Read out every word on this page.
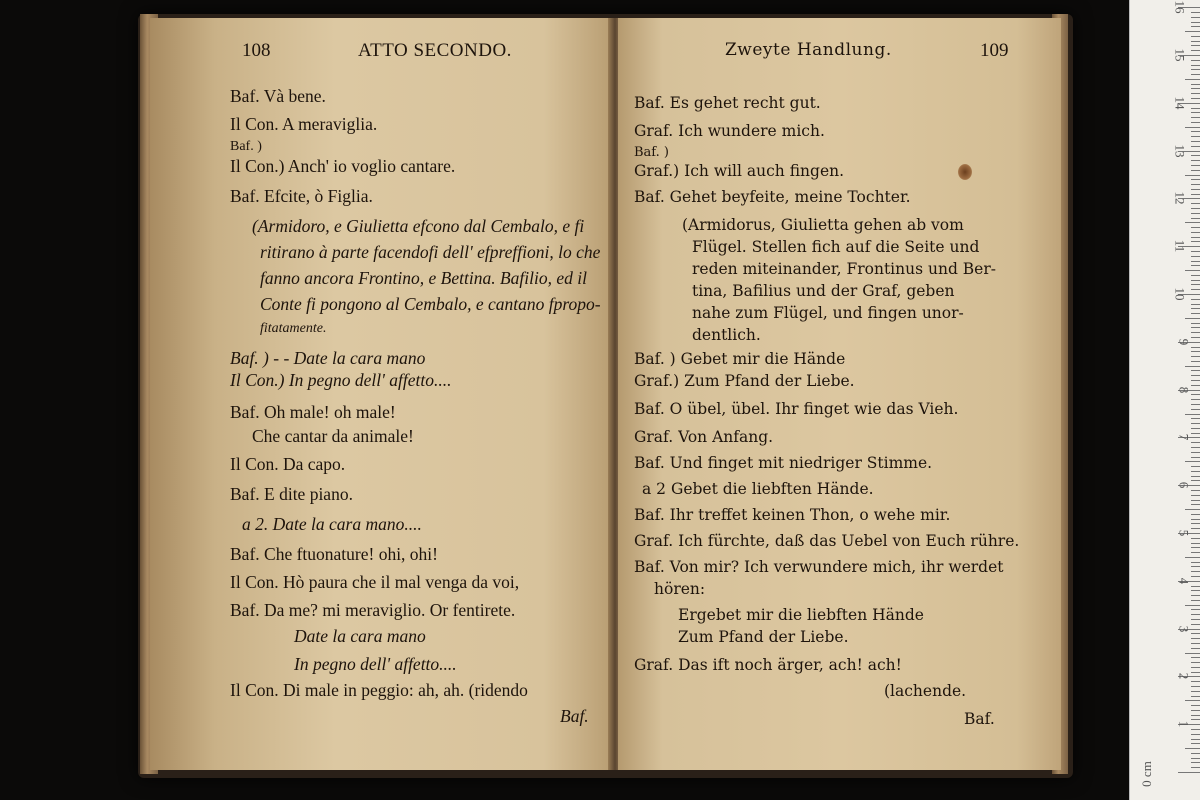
108	ATTO SECONDO.
Baf. Và bene.
Il Con. A meraviglia.
Baf. )
Il Con.) Anch' io voglio cantare.
Baf. Efcite, ò Figlia.
(Armidoro, e Giulietta efcono dal Cembalo, e fi
ritirano à parte facendofi dell' efpreffioni, lo che
fanno ancora Frontino, e Bettina. Bafilio, ed il
Conte fi pongono al Cembalo, e cantano fpropo-
fitatamente.
Baf. ) - - Date la cara mano
Il Con.) In pegno dell' affetto....
Baf. Oh male! oh male!
Che cantar da animale!
Il Con. Da capo.
Baf. E dite piano.
a 2. Date la cara mano....
Baf. Che ftuonature! ohi, ohi!
Il Con. Hò paura che il mal venga da voi,
Baf. Da me? mi meraviglio. Or fentirete.
Date la cara mano
In pegno dell' affetto....
Il Con. Di male in peggio: ah, ah. (ridendo
Baf.
Zweyte Handlung.	109
Baf. Es gehet recht gut.
Graf. Ich wundere mich.
Baf. )
Graf.) Ich will auch fingen.
Baf. Gehet beyfeite, meine Tochter.
(Armidorus, Giulietta gehen ab vom
Flügel. Stellen fich auf die Seite und
reden miteinander, Frontinus und Ber-
tina, Bafilius und der Graf, geben
nahe zum Flügel, und fingen unor-
dentlich.
Baf. ) Gebet mir die Hände
Graf.) Zum Pfand der Liebe.
Baf. O übel, übel. Ihr finget wie das Vieh.
Graf. Von Anfang.
Baf. Und finget mit niedriger Stimme.
a 2 Gebet die liebften Hände.
Baf. Ihr treffet keinen Thon, o wehe mir.
Graf. Ich fürchte, daß das Uebel von Euch rühre.
Baf. Von mir? Ich verwundere mich, ihr werdet
hören:
Ergebet mir die liebften Hände
Zum Pfand der Liebe.
Graf. Das ift noch ärger, ach! ach!
(lachende.
Baf.
0 cm
16
15
14
13
12
11
10
9
8
7
6
5
4
3
2
1
